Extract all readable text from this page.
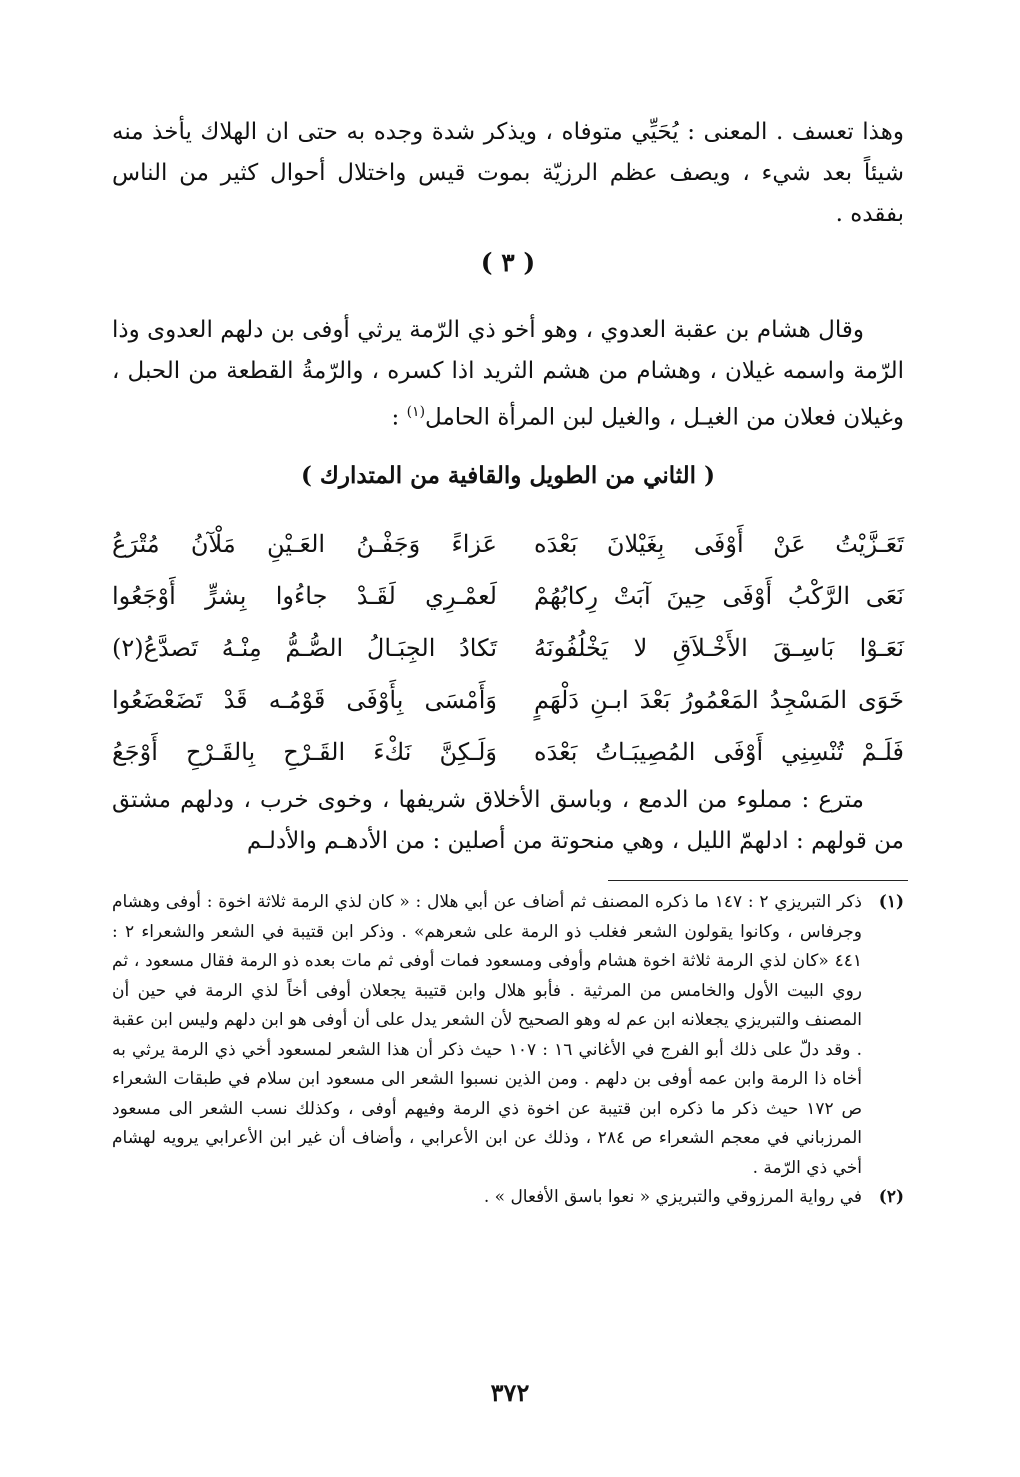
وهذا تعسف . المعنى : يُحَيِّي متوفاه ، ويذكر شدة وجده به حتى ان الهلاك يأخذ منه شيئاً بعد شيء ، ويصف عظم الرزيّة بموت قيس واختلال أحوال كثير من الناس بفقده .
( ٣ )
وقال هشام بن عقبة العدوي ، وهو أخو ذي الرّمة يرثي أوفى بن دلهم العدوى وذا الرّمة واسمه غيلان ، وهشام من هشم الثريد اذا كسره ، والرّمةُ القطعة من الحبل ، وغيلان فعلان من الغيـل ، والغيل لبن المرأة الحامل$^{(١)}$ :
( الثاني من الطويل والقافية من المتدارك )
تَعَـزَّيْتُ عَنْ أَوْفَى بِغَيْلانَ بَعْدَه
عَزاءً وَجَفْـنُ العَـيْنِ مَلْآنُ مُتْرَعُ
نَعَى الرَّكْبُ أَوْفَى حِينَ آبَتْ رِكابُهُمْ
لَعمْـرِي لَقَـدْ جاءُوا بِشرٍّ أَوْجَعُوا
نَعَـوْا بَاسِـقَ الأَخْـلاَقِ لا يَخْلُفُونَهُ
تَكادُ الجِبَـالُ الصُّـمُّ مِنْـهُ تَصدَّعُ(٢)
خَوَى المَسْجِدُ المَعْمُورُ بَعْدَ ابـنِ دَلْهَمٍ
وَأَمْسَى بِأَوْفَى قَوْمُـه قَدْ تَضَعْضَعُوا
فَلَـمْ تُنْسِنِي أَوْفَى المُصِيبَـاتُ بَعْدَه
وَلَـكِنَّ نَكْءَ القَـرْحِ بِالقَـرْحِ أَوْجَعُ
مترع : مملوء من الدمع ، وباسق الأخلاق شريفها ، وخوى خرب ، ودلهم مشتق من قولهم : ادلهمّ الليل ، وهي منحوتة من أصلين : من الأدهـم والأدلـم
(١)
ذكر التبريزي ٢ : ١٤٧ ما ذكره المصنف ثم أضاف عن أبي هلال : « كان لذي الرمة ثلاثة اخوة : أوفى وهشام وجرفاس ، وكانوا يقولون الشعر فغلب ذو الرمة على شعرهم» . وذكر ابن قتيبة في الشعر والشعراء ٢ : ٤٤١ «كان لذي الرمة ثلاثة اخوة هشام وأوفى ومسعود فمات أوفى ثم مات بعده ذو الرمة فقال مسعود ، ثم روي البيت الأول والخامس من المرثية . فأبو هلال وابن قتيبة يجعلان أوفى أخاً لذي الرمة في حين أن المصنف والتبريزي يجعلانه ابن عم له وهو الصحيح لأن الشعر يدل على أن أوفى هو ابن دلهم وليس ابن عقبة . وقد دلّ على ذلك أبو الفرج في الأغاني ١٦ : ١٠٧ حيث ذكر أن هذا الشعر لمسعود أخي ذي الرمة يرثي به أخاه ذا الرمة وابن عمه أوفى بن دلهم . ومن الذين نسبوا الشعر الى مسعود ابن سلام في طبقات الشعراء ص ١٧٢ حيث ذكر ما ذكره ابن قتيبة عن اخوة ذي الرمة وفيهم أوفى ، وكذلك نسب الشعر الى مسعود المرزباني في معجم الشعراء ص ٢٨٤ ، وذلك عن ابن الأعرابي ، وأضاف أن غير ابن الأعرابي يرويه لهشام أخي ذي الرّمة .
(٢)
في رواية المرزوقي والتبريزي « نعوا باسق الأفعال » .
٣٧٢
